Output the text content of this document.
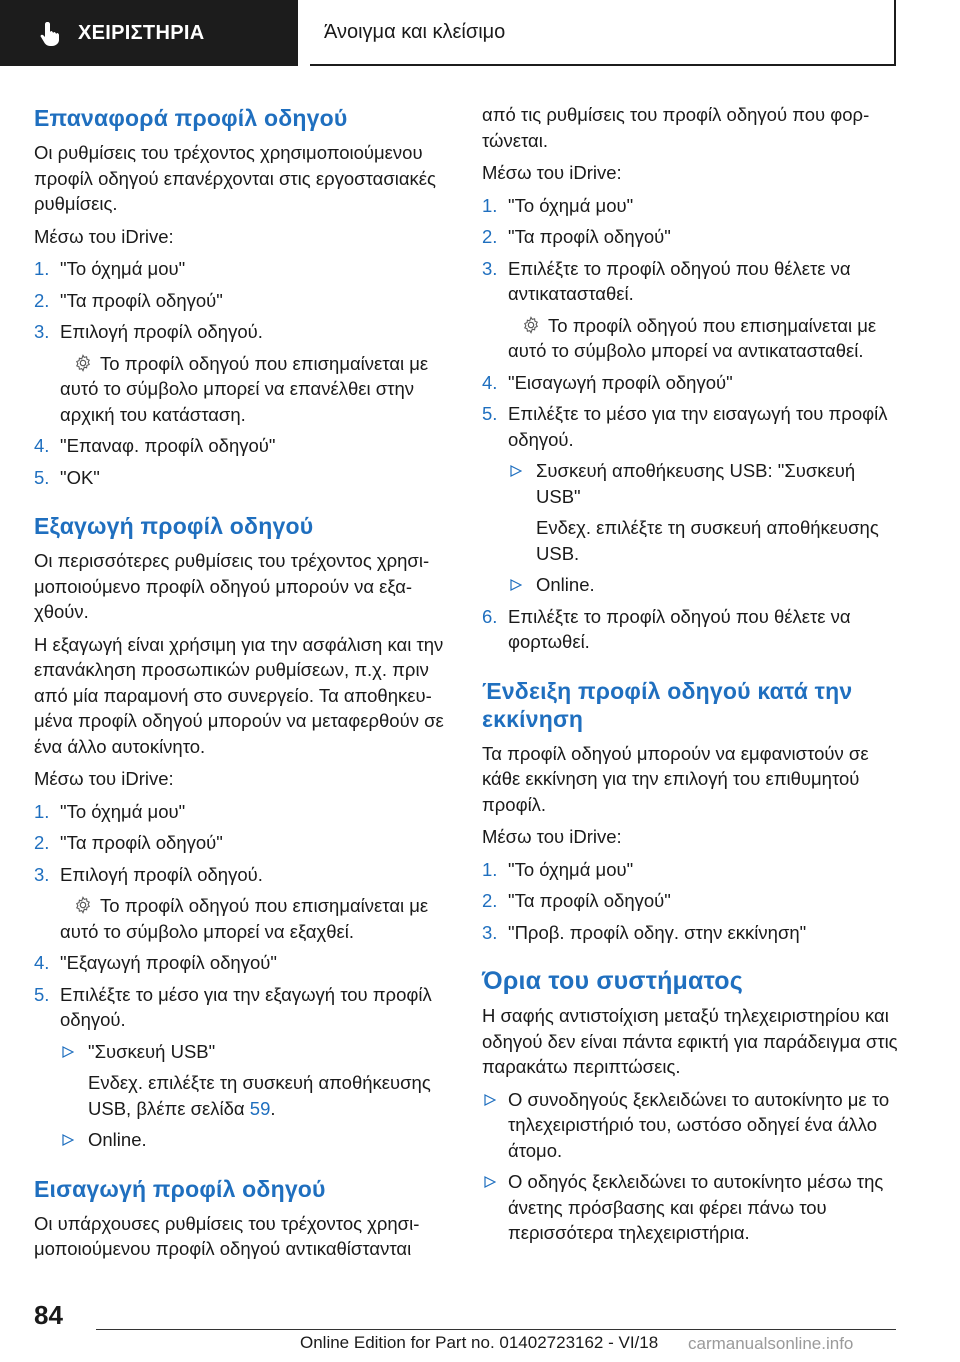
ΧΕΙΡΙΣΤΗΡΙΑ	Άνοιγμα και κλείσιμο
Επαναφορά προφίλ οδηγού

Οι ρυθμίσεις του τρέχοντος χρησιμοποιούμενου προφίλ οδηγού επανέρχονται στις εργοστασιακές ρυθμίσεις.

Μέσω του iDrive:

1. "Το όχημά μου"
2. "Τα προφίλ οδηγού"
3. Επιλογή προφίλ οδηγού.
Το προφίλ οδηγού που επισημαίνεται με αυτό το σύμβολο μπορεί να επανέλθει στην αρχική του κατάσταση.
4. "Επαναφ. προφίλ οδηγού"
5. "OK"
Εξαγωγή προφίλ οδηγού

Οι περισσότερες ρυθμίσεις του τρέχοντος χρησιμοποιούμενο προφίλ οδηγού μπορούν να εξαχθούν.

Η εξαγωγή είναι χρήσιμη για την ασφάλιση και την επανάκληση προσωπικών ρυθμίσεων, π.χ. πριν από μία παραμονή στο συνεργείο. Τα αποθηκευμένα προφίλ οδηγού μπορούν να μεταφερθούν σε ένα άλλο αυτοκίνητο.

Μέσω του iDrive:

1. "Το όχημά μου"
2. "Τα προφίλ οδηγού"
3. Επιλογή προφίλ οδηγού.
Το προφίλ οδηγού που επισημαίνεται με αυτό το σύμβολο μπορεί να εξαχθεί.
4. "Εξαγωγή προφίλ οδηγού"
5. Επιλέξτε το μέσο για την εξαγωγή του προφίλ οδηγού.
"Συσκευή USB"
Ενδεχ. επιλέξτε τη συσκευή αποθήκευσης USB, βλέπε σελίδα 59.
Online.
Εισαγωγή προφίλ οδηγού

Οι υπάρχουσες ρυθμίσεις του τρέχοντος χρησιμοποιούμενου προφίλ οδηγού αντικαθίστανται

από τις ρυθμίσεις του προφίλ οδηγού που φορτώνεται.

Μέσω του iDrive:

1. "Το όχημά μου"
2. "Τα προφίλ οδηγού"
3. Επιλέξτε το προφίλ οδηγού που θέλετε να αντικατασταθεί.
Το προφίλ οδηγού που επισημαίνεται με αυτό το σύμβολο μπορεί να αντικατασταθεί.
4. "Εισαγωγή προφίλ οδηγού"
5. Επιλέξτε το μέσο για την εισαγωγή του προφίλ οδηγού.
Συσκευή αποθήκευσης USB: "Συσκευή USB"
Ενδεχ. επιλέξτε τη συσκευή αποθήκευσης USB.
Online.
6. Επιλέξτε το προφίλ οδηγού που θέλετε να φορτωθεί.
Ένδειξη προφίλ οδηγού κατά την εκκίνηση

Τα προφίλ οδηγού μπορούν να εμφανιστούν σε κάθε εκκίνηση για την επιλογή του επιθυμητού προφίλ.

Μέσω του iDrive:

1. "Το όχημά μου"
2. "Τα προφίλ οδηγού"
3. "Προβ. προφίλ οδηγ. στην εκκίνηση"
Όρια του συστήματος

Η σαφής αντιστοίχιση μεταξύ τηλεχειριστηρίου και οδηγού δεν είναι πάντα εφικτή για παράδειγμα στις παρακάτω περιπτώσεις.

Ο συνοδηγούς ξεκλειδώνει το αυτοκίνητο με το τηλεχειριστήριό του, ωστόσο οδηγεί ένα άλλο άτομο.
Ο οδηγός ξεκλειδώνει το αυτοκίνητο μέσω της άνετης πρόσβασης και φέρει πάνω του περισσότερα τηλεχειριστήρια.
84
Online Edition for Part no. 01402723162 - VI/18 carmanualsonline.info
